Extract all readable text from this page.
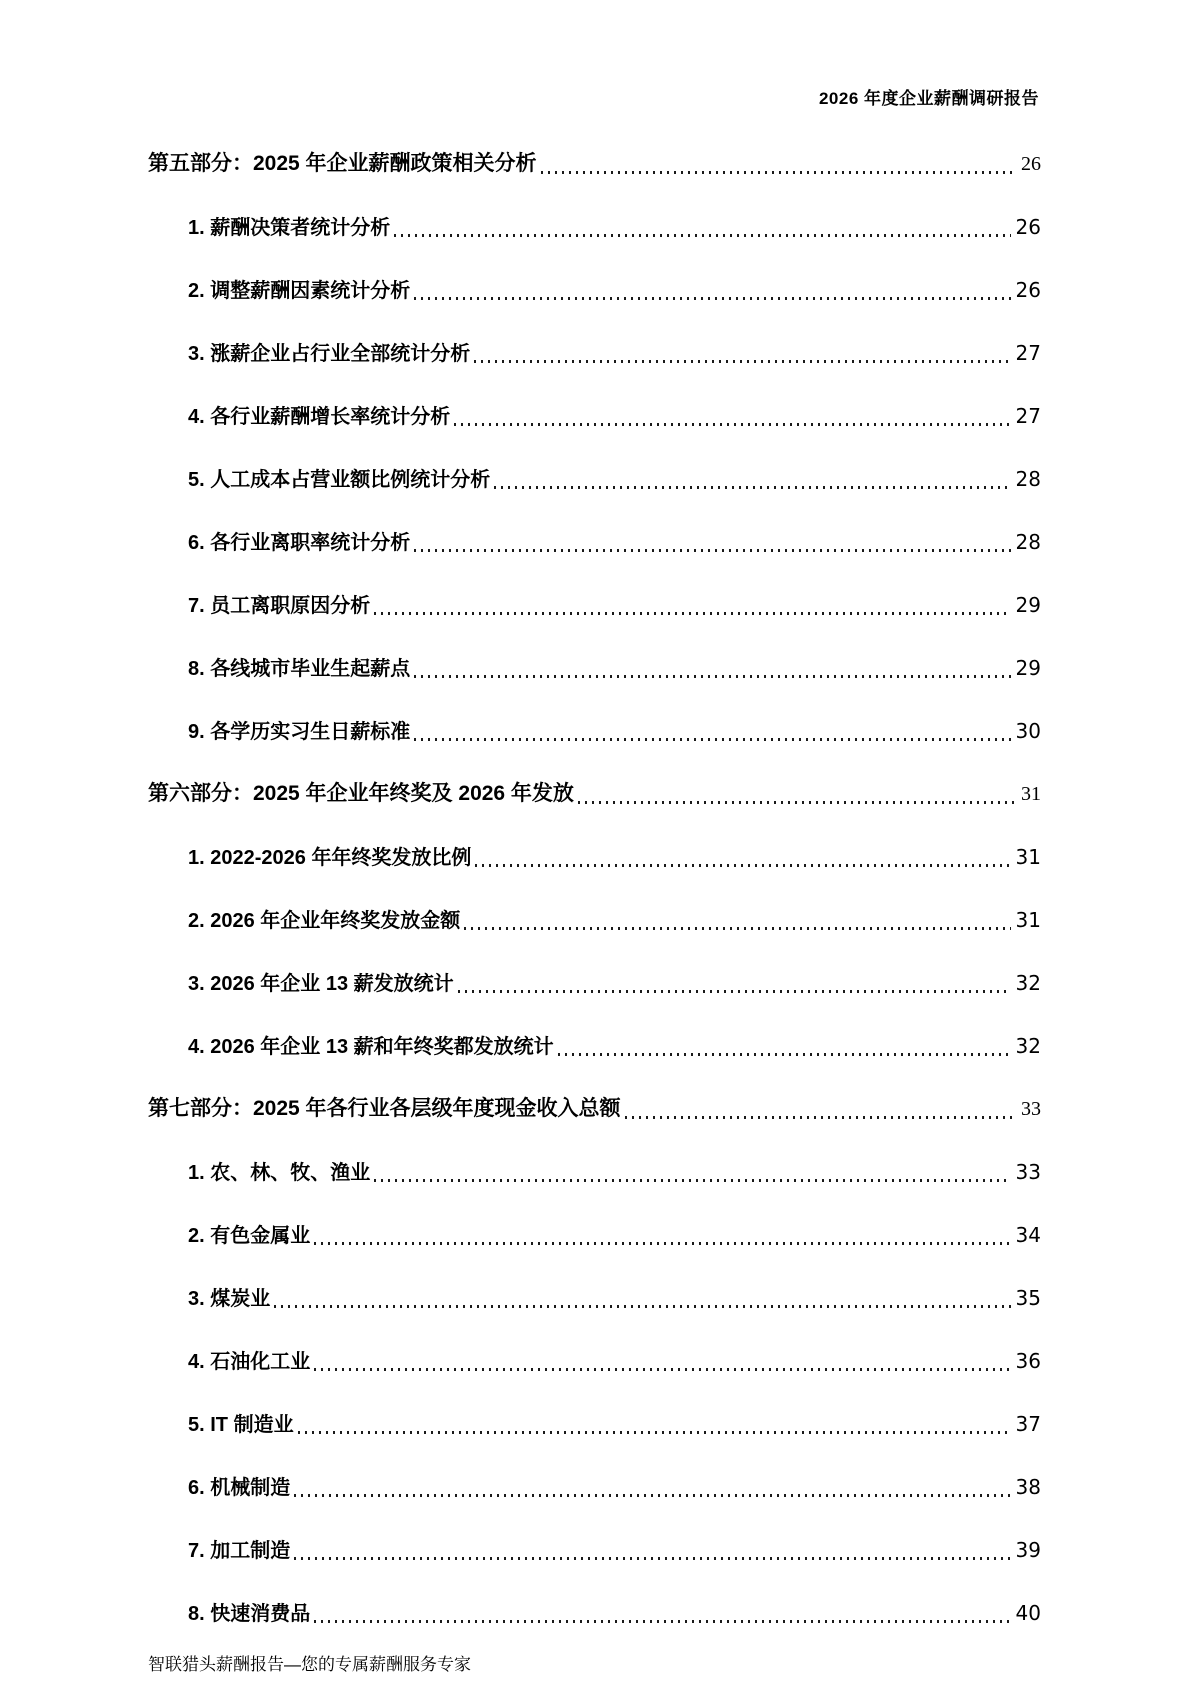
2026 年度企业薪酬调研报告
第五部分：2025 年企业薪酬政策相关分析	26
1. 薪酬决策者统计分析	26
2. 调整薪酬因素统计分析	26
3. 涨薪企业占行业全部统计分析	27
4. 各行业薪酬增长率统计分析	27
5. 人工成本占营业额比例统计分析	28
6. 各行业离职率统计分析	28
7. 员工离职原因分析	29
8. 各线城市毕业生起薪点	29
9. 各学历实习生日薪标准	30
第六部分：2025 年企业年终奖及 2026 年发放	31
1. 2022-2026 年年终奖发放比例	31
2. 2026 年企业年终奖发放金额	31
3. 2026 年企业 13 薪发放统计	32
4. 2026 年企业 13 薪和年终奖都发放统计	32
第七部分：2025 年各行业各层级年度现金收入总额	33
1. 农、林、牧、渔业	33
2. 有色金属业	34
3. 煤炭业	35
4. 石油化工业	36
5. IT 制造业	37
6. 机械制造	38
7. 加工制造	39
8. 快速消费品	40
智联猎头薪酬报告—您的专属薪酬服务专家
